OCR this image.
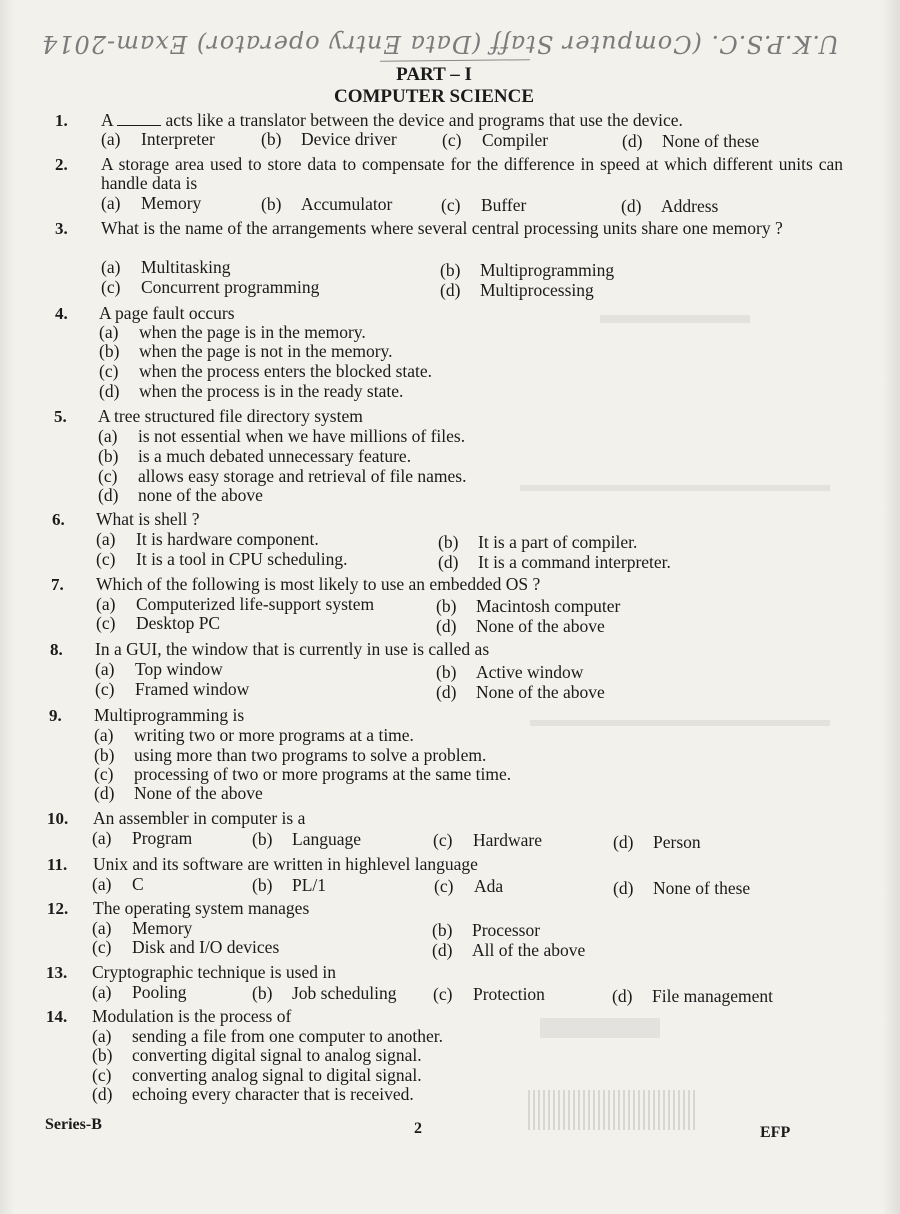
U.K.P.S.C. (Computer Staff (Data Entry operator) Exam-2014
PART – I
COMPUTER SCIENCE
1.	A	acts like a translator between the device and programs that use the device.
(a) Interpreter	(b) Device driver	(c) Compiler	(d) None of these
2.	A storage area used to store data to compensate for the difference in speed at which different units can handle data is
(a) Memory	(b) Accumulator	(c) Buffer	(d) Address
3.	What is the name of the arrangements where several central processing units share one memory ?
(a) Multitasking	(b) Multiprogramming
(c) Concurrent programming	(d) Multiprocessing
4.	A page fault occurs
(a) when the page is in the memory.
(b) when the page is not in the memory.
(c) when the process enters the blocked state.
(d) when the process is in the ready state.
5.	A tree structured file directory system
(a) is not essential when we have millions of files.
(b) is a much debated unnecessary feature.
(c) allows easy storage and retrieval of file names.
(d) none of the above
6.	What is shell ?
(a) It is hardware component.	(b) It is a part of compiler.
(c) It is a tool in CPU scheduling.	(d) It is a command interpreter.
7.	Which of the following is most likely to use an embedded OS ?
(a) Computerized life-support system	(b) Macintosh computer
(c) Desktop PC	(d) None of the above
8.	In a GUI, the window that is currently in use is called as
(a) Top window	(b) Active window
(c) Framed window	(d) None of the above
9.	Multiprogramming is
(a) writing two or more programs at a time.
(b) using more than two programs to solve a problem.
(c) processing of two or more programs at the same time.
(d) None of the above
10.	An assembler in computer is a
(a) Program	(b) Language	(c) Hardware	(d) Person
11.	Unix and its software are written in highlevel language
(a) C	(b) PL/1	(c) Ada	(d) None of these
12.	The operating system manages
(a) Memory	(b) Processor
(c) Disk and I/O devices	(d) All of the above
13.	Cryptographic technique is used in
(a) Pooling	(b) Job scheduling (c) Protection	(d) File management
14.	Modulation is the process of
(a) sending a file from one computer to another.
(b) converting digital signal to analog signal.
(c) converting analog signal to digital signal.
(d) echoing every character that is received.
Series-B	2	EFP
